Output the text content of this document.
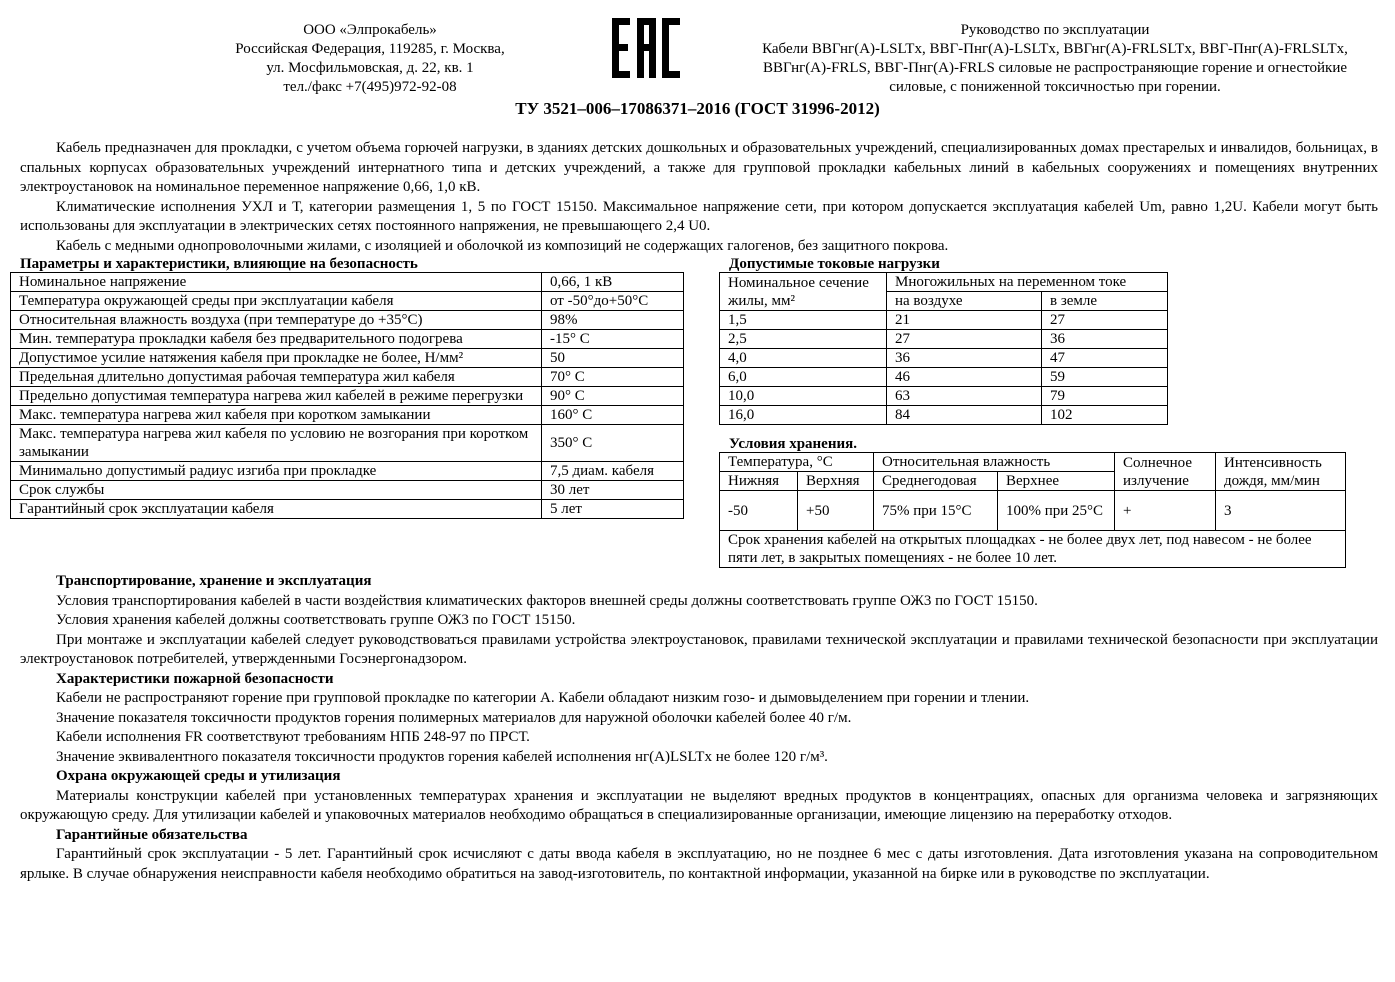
ООО «Элпрокабель»
Российская Федерация, 119285, г. Москва,
ул. Мосфильмовская, д. 22, кв. 1
тел./факс +7(495)972-92-08
Руководство по эксплуатации
Кабели ВВГнг(А)-LSLTx, ВВГ-Пнг(А)-LSLTx, ВВГнг(А)-FRLSLTx, ВВГ-Пнг(А)-FRLSLTx, ВВГнг(А)-FRLS, ВВГ-Пнг(А)-FRLS силовые не распространяющие горение и огнестойкие силовые, с пониженной токсичностью при горении.
ТУ 3521–006–17086371–2016 (ГОСТ 31996-2012)

Кабель предназначен для прокладки, с учетом объема горючей нагрузки, в зданиях детских дошкольных и образовательных учреждений, специализированных домах престарелых и инвалидов, больницах, в спальных корпусах образовательных учреждений интернатного типа и детских учреждений, а также для групповой прокладки кабельных линий в кабельных сооружениях и помещениях внутренних электроустановок на номинальное переменное напряжение 0,66, 1,0 кВ.

Климатические исполнения УХЛ и Т, категории размещения 1, 5 по ГОСТ 15150. Максимальное напряжение сети, при котором допускается эксплуатация кабелей Um, равно 1,2U. Кабели могут быть использованы для эксплуатации в электрических сетях постоянного напряжения, не превышающего 2,4 U0.

Кабель с медными однопроволочными жилами, с изоляцией и оболочкой из композиций не содержащих галогенов, без защитного покрова.

Параметры и характеристики, влияющие на безопасность
Номинальное напряжение	0,66, 1 кВ
Температура окружающей среды при эксплуатации кабеля	от -50°до+50°С
Относительная влажность воздуха (при температуре до +35°С)	98%
Мин. температура прокладки кабеля без предварительного подогрева	-15° С
Допустимое усилие натяжения кабеля при прокладке не более, Н/мм²	50
Предельная длительно допустимая рабочая температура жил кабеля	70° С
Предельно допустимая температура нагрева жил кабелей в режиме перегрузки	90° С
Макс. температура нагрева жил кабеля при коротком замыкании	160° С
Макс. температура нагрева жил кабеля по условию не возгорания при коротком замыкании	350° С
Минимально допустимый радиус изгиба при прокладке	7,5 диам. кабеля
Срок службы	30 лет
Гарантийный срок эксплуатации кабеля	5 лет
Допустимые токовые нагрузки
Номинальное сечение жилы, мм²	Многожильных на переменном токе	
	на воздухе	в земле
1,5	21	27
2,5	27	36
4,0	36	47
6,0	46	59
10,0	63	79
16,0	84	102
Условия хранения.
Температура, °С		Относительная влажность		Солнечное излучение	Интенсивность дождя, мм/мин
Нижняя	Верхняя	Среднегодовая	Верхнее		
-50	+50	75% при 15°С	100% при 25°С	+	3
Срок хранения кабелей на открытых площадках - не более двух лет, под навесом - не более пяти лет, в закрытых помещениях - не более 10 лет.					
Транспортирование, хранение и эксплуатация

Условия транспортирования кабелей в части воздействия климатических факторов внешней среды должны соответствовать группе ОЖ3 по ГОСТ 15150.

Условия хранения кабелей должны соответствовать группе ОЖ3 по ГОСТ 15150.

При монтаже и эксплуатации кабелей следует руководствоваться правилами устройства электроустановок, правилами технической эксплуатации и правилами технической безопасности при эксплуатации электроустановок потребителей, утвержденными Госэнергонадзором.

Характеристики пожарной безопасности

Кабели не распространяют горение при групповой прокладке по категории А. Кабели обладают низким гозо- и дымовыделением при горении и тлении.

Значение показателя токсичности продуктов горения полимерных материалов для наружной оболочки кабелей более 40 г/м.

Кабели исполнения FR соответствуют требованиям НПБ 248-97 по ПРСТ.

Значение эквивалентного показателя токсичности продуктов горения кабелей исполнения нг(А)LSLTx не более 120 г/м³.

Охрана окружающей среды и утилизация

Материалы конструкции кабелей при установленных температурах хранения и эксплуатации не выделяют вредных продуктов в концентрациях, опасных для организма человека и загрязняющих окружающую среду. Для утилизации кабелей и упаковочных материалов необходимо обращаться в специализированные организации, имеющие лицензию на переработку отходов.

Гарантийные обязательства

Гарантийный срок эксплуатации - 5 лет. Гарантийный срок исчисляют с даты ввода кабеля в эксплуатацию, но не позднее 6 мес с даты изготовления. Дата изготовления указана на сопроводительном ярлыке. В случае обнаружения неисправности кабеля необходимо обратиться на завод-изготовитель, по контактной информации, указанной на бирке или в руководстве по эксплуатации.
